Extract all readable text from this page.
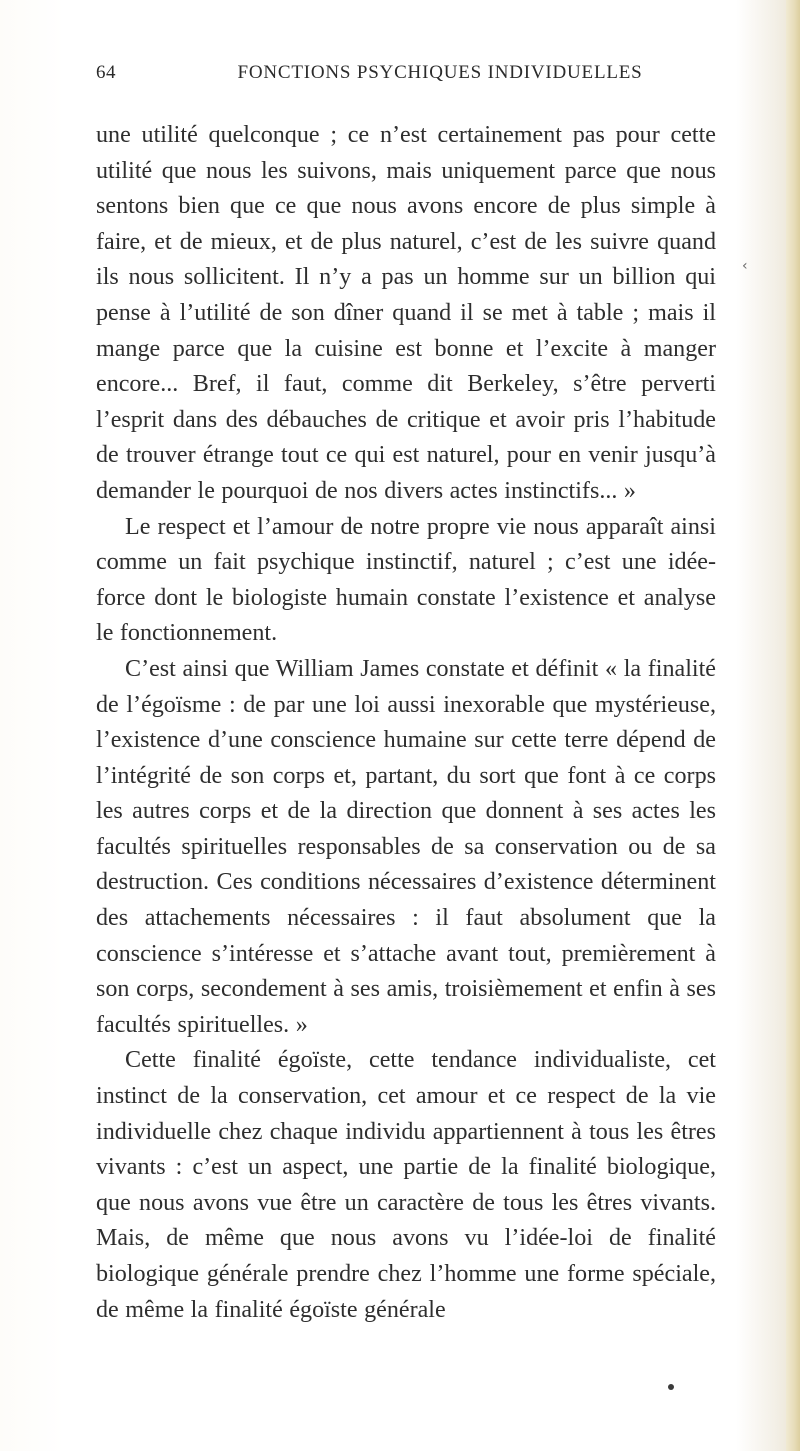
64	FONCTIONS PSYCHIQUES INDIVIDUELLES

une utilité quelconque ; ce n’est certainement pas pour cette utilité que nous les suivons, mais uniquement parce que nous sentons bien que ce que nous avons encore de plus simple à faire, et de mieux, et de plus naturel, c’est de les suivre quand ils nous sollicitent. Il n’y a pas un homme sur un billion qui pense à l’utilité de son dîner quand il se met à table ; mais il mange parce que la cuisine est bonne et l’excite à manger encore... Bref, il faut, comme dit Berkeley, s’être perverti l’esprit dans des débauches de critique et avoir pris l’habitude de trouver étrange tout ce qui est naturel, pour en venir jusqu’à demander le pourquoi de nos divers actes instinctifs... »

Le respect et l’amour de notre propre vie nous apparaît ainsi comme un fait psychique instinctif, naturel ; c’est une idée-force dont le biologiste humain constate l’existence et analyse le fonctionnement.

C’est ainsi que William James constate et définit « la finalité de l’égoïsme : de par une loi aussi inexorable que mystérieuse, l’existence d’une conscience humaine sur cette terre dépend de l’intégrité de son corps et, partant, du sort que font à ce corps les autres corps et de la direction que donnent à ses actes les facultés spirituelles responsables de sa conservation ou de sa destruction. Ces conditions nécessaires d’existence déterminent des attachements nécessaires : il faut absolument que la conscience s’intéresse et s’attache avant tout, premièrement à son corps, secondement à ses amis, troisièmement et enfin à ses facultés spirituelles. »

Cette finalité égoïste, cette tendance individualiste, cet instinct de la conservation, cet amour et ce respect de la vie individuelle chez chaque individu appartiennent à tous les êtres vivants : c’est un aspect, une partie de la finalité biologique, que nous avons vue être un caractère de tous les êtres vivants. Mais, de même que nous avons vu l’idée-loi de finalité biologique générale prendre chez l’homme une forme spéciale, de même la finalité égoïste générale

‹
